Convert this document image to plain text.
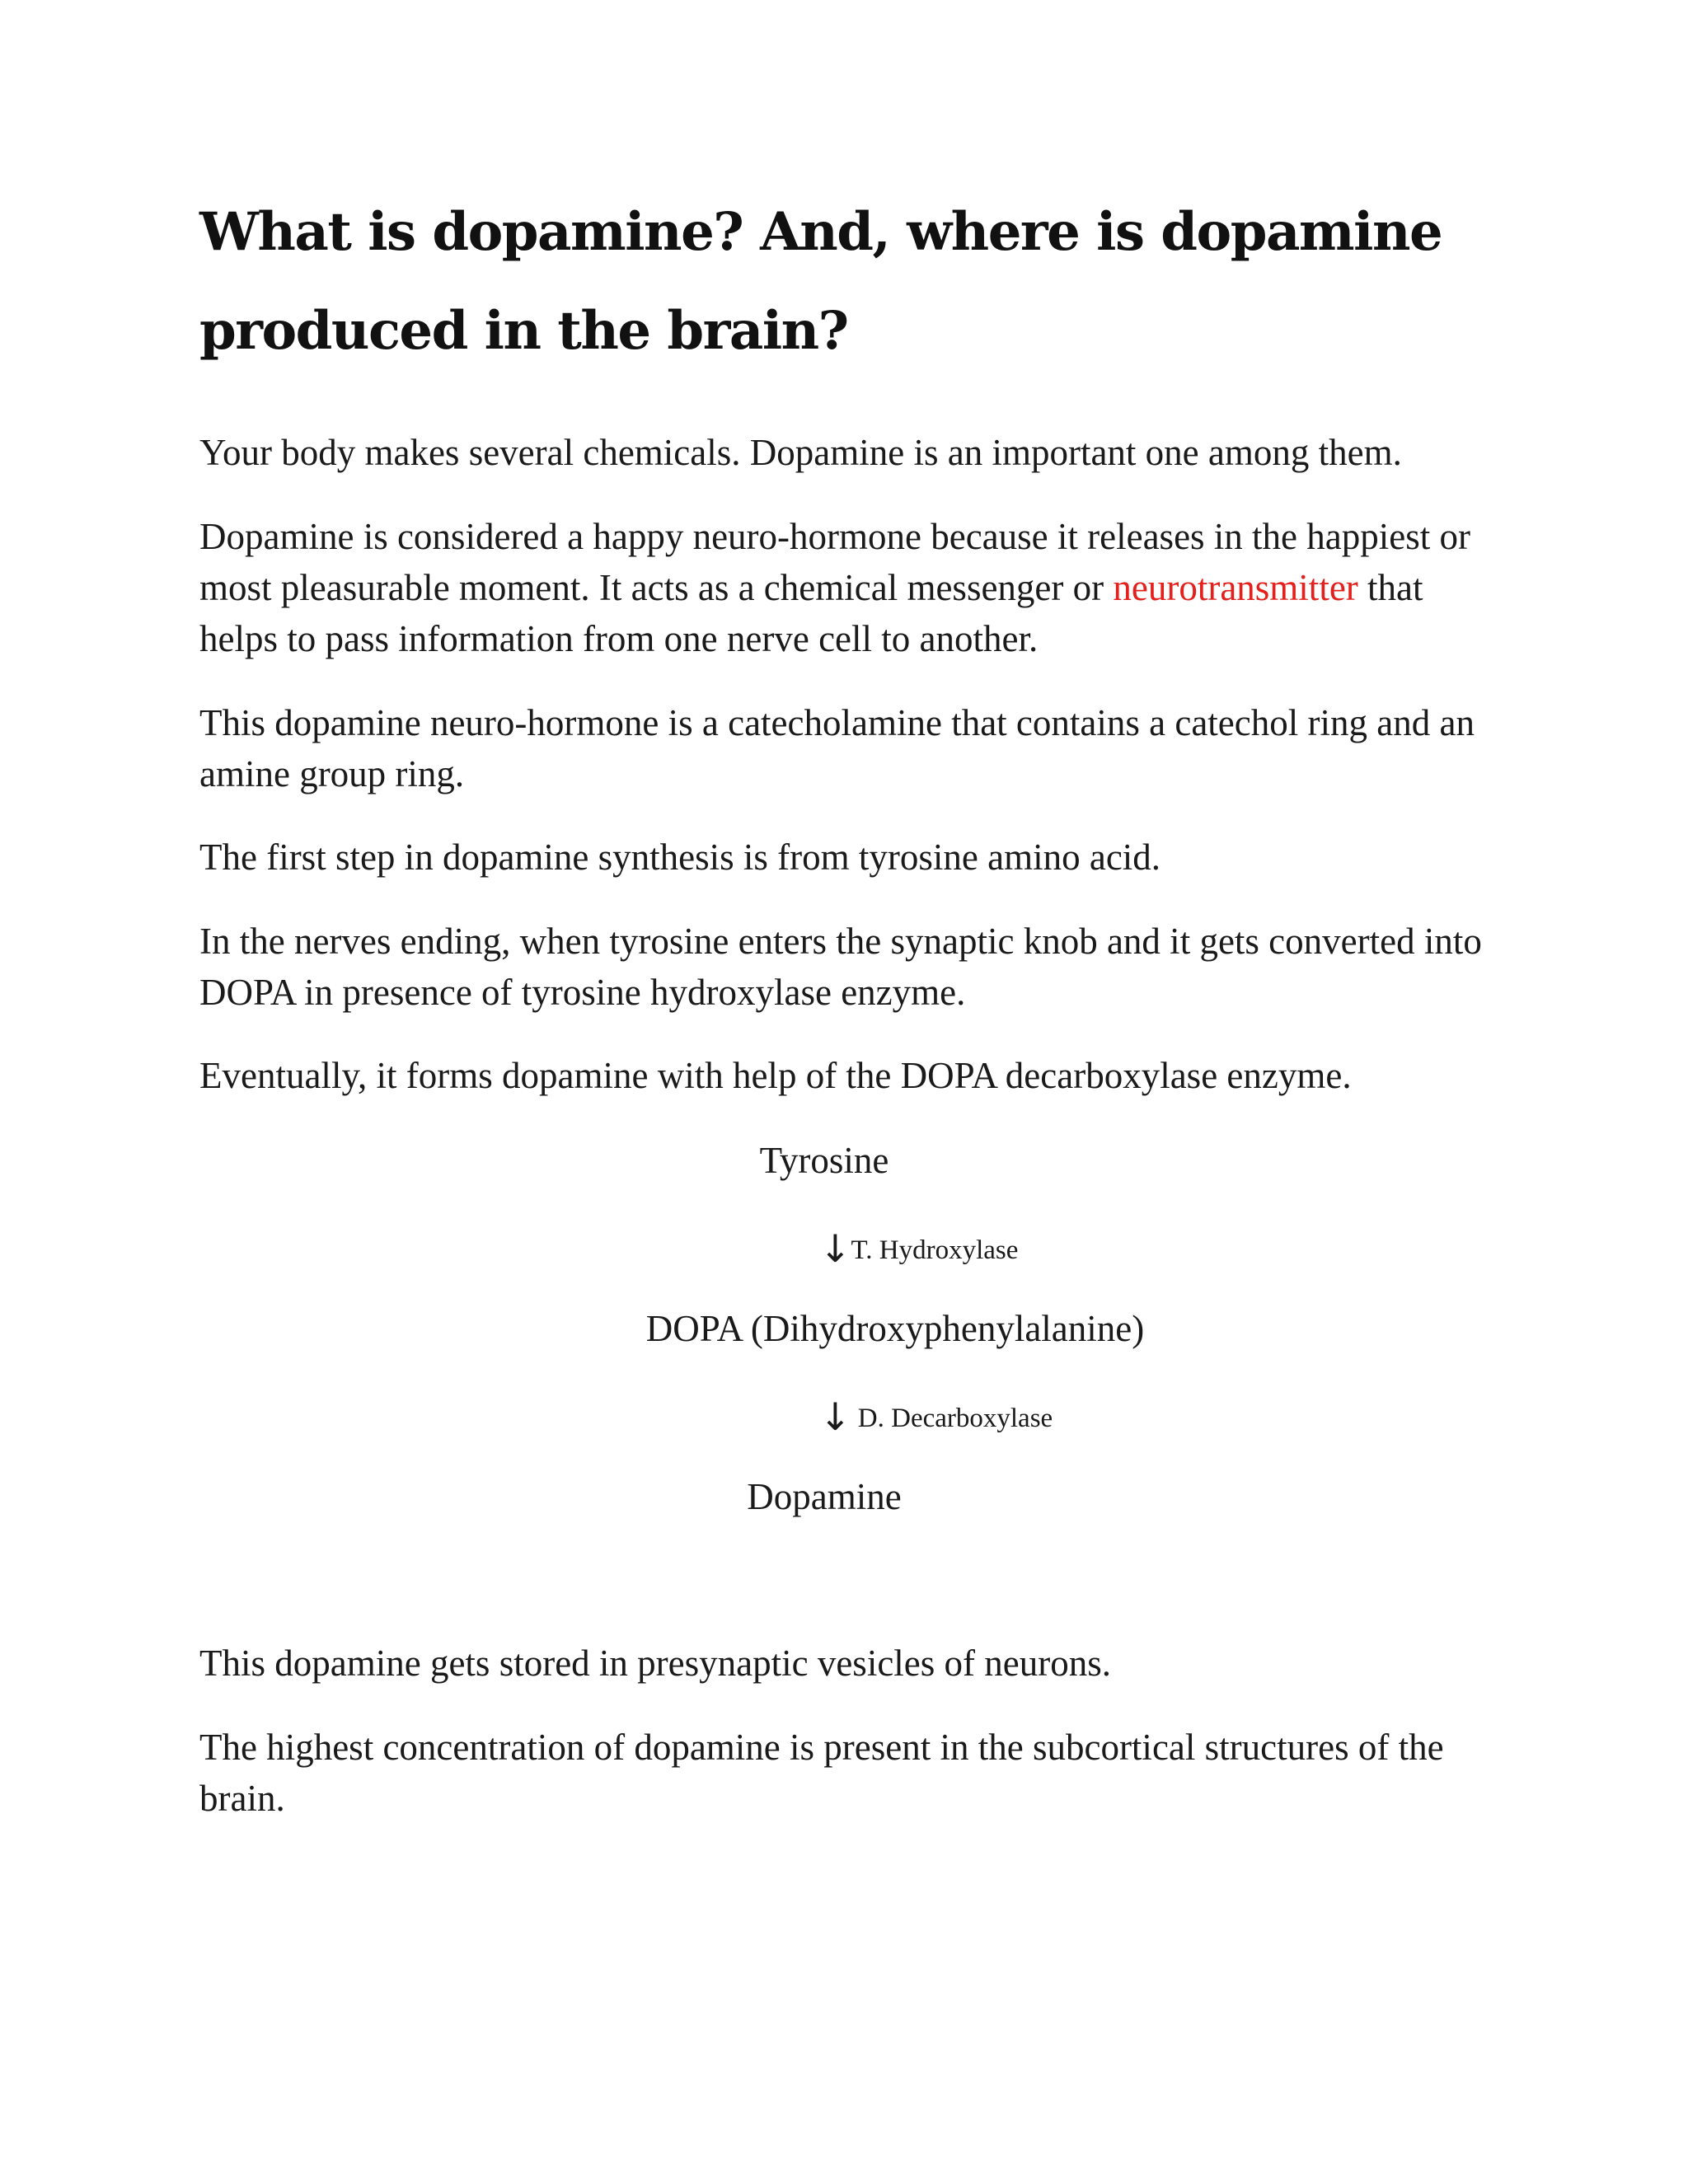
What is dopamine? And, where is dopamine produced in the brain?

Your body makes several chemicals. Dopamine is an important one among them.

Dopamine is considered a happy neuro-hormone because it releases in the happiest or most pleasurable moment. It acts as a chemical messenger or neurotransmitter that helps to pass information from one nerve cell to another.

This dopamine neuro-hormone is a catecholamine that contains a catechol ring and an amine group ring.

The first step in dopamine synthesis is from tyrosine amino acid.

In the nerves ending, when tyrosine enters the synaptic knob and it gets converted into DOPA in presence of tyrosine hydroxylase enzyme.

Eventually, it forms dopamine with help of the DOPA decarboxylase enzyme.

This dopamine gets stored in presynaptic vesicles of neurons.

The highest concentration of dopamine is present in the subcortical structures of the brain.

Tyrosine
↓T. Hydroxylase
DOPA (Dihydroxyphenylalanine)
↓ D. Decarboxylase
Dopamine
